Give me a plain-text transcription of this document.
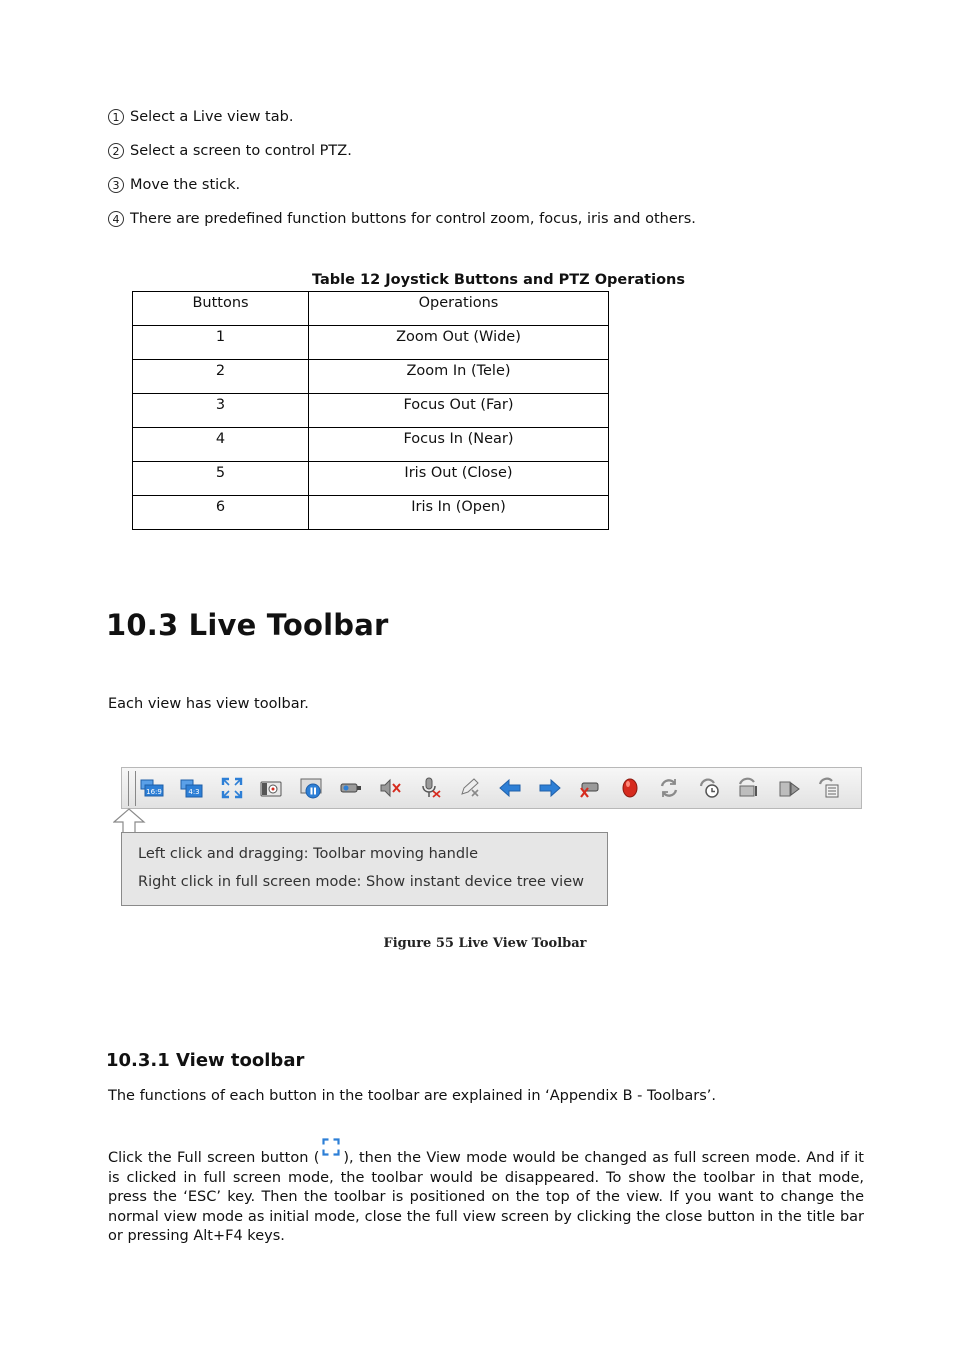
1 Select a Live view tab.
2 Select a screen to control PTZ.
3 Move the stick.
4 There are predefined function buttons for control zoom, focus, iris and others.
Table 12 Joystick Buttons and PTZ Operations
Buttons	Operations
1	Zoom Out (Wide)
2	Zoom In (Tele)
3	Focus Out (Far)
4	Focus In (Near)
5	Iris Out (Close)
6	Iris In (Open)
10.3 Live Toolbar

Each view has view toolbar.

16:9	4:3
Left click and dragging: Toolbar moving handle
Right click in full screen mode: Show instant device tree view
Figure 55 Live View Toolbar
10.3.1 View toolbar

The functions of each button in the toolbar are explained in ‘Appendix B - Toolbars’.

Click the Full screen button ( ), then the View mode would be changed as full screen mode. And if it is clicked in full screen mode, the toolbar would be disappeared. To show the toolbar in that mode, press the ‘ESC’ key. Then the toolbar is positioned on the top of the view. If you want to change the normal view mode as initial mode, close the full view screen by clicking the close button in the title bar or pressing Alt+F4 keys.
